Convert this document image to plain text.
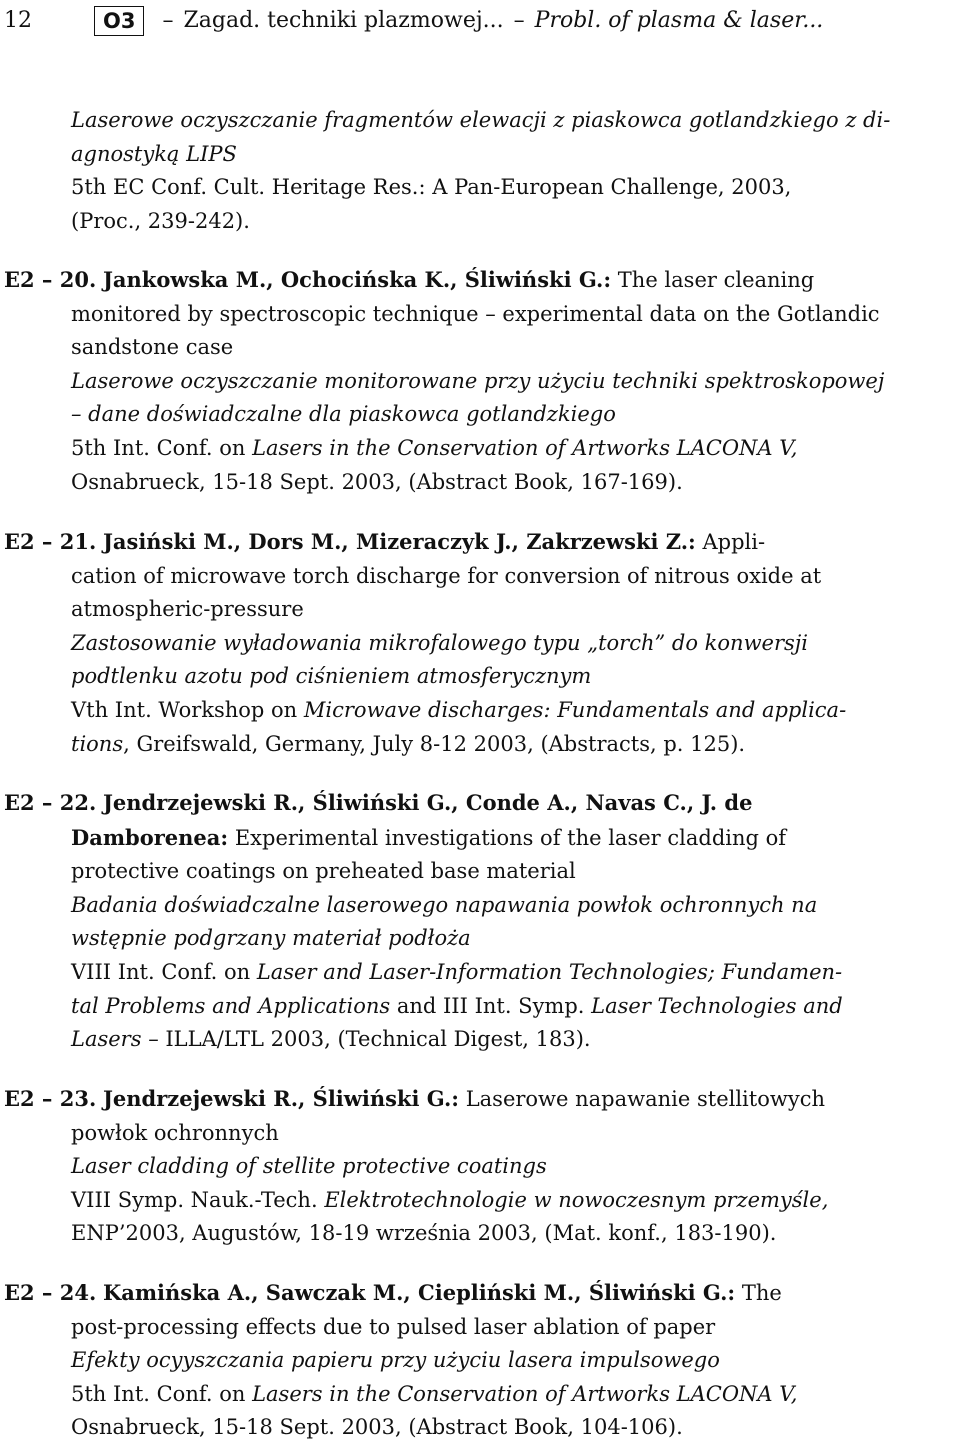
12	O3	– Zagad. techniki plazmowej... – Probl. of plasma & laser...
Laserowe oczyszczanie fragmentów elewacji z piaskowca gotlandzkiego z di-
agnostyką LIPS
5th EC Conf. Cult. Heritage Res.: A Pan-European Challenge, 2003,
(Proc., 239-242).
E2 – 20. Jankowska M., Ochocińska K., Śliwiński G.: The laser cleaning
monitored by spectroscopic technique – experimental data on the Gotlandic
sandstone case
Laserowe oczyszczanie monitorowane przy użyciu techniki spektroskopowej
– dane doświadczalne dla piaskowca gotlandzkiego
5th Int. Conf. on Lasers in the Conservation of Artworks LACONA V,
Osnabrueck, 15-18 Sept. 2003, (Abstract Book, 167-169).
E2 – 21. Jasiński M., Dors M., Mizeraczyk J., Zakrzewski Z.: Appli-
cation of microwave torch discharge for conversion of nitrous oxide at
atmospheric-pressure
Zastosowanie wyładowania mikrofalowego typu „torch” do konwersji
podtlenku azotu pod ciśnieniem atmosferycznym
Vth Int. Workshop on Microwave discharges: Fundamentals and applica-
tions, Greifswald, Germany, July 8-12 2003, (Abstracts, p. 125).
E2 – 22. Jendrzejewski R., Śliwiński G., Conde A., Navas C., J. de
Damborenea: Experimental investigations of the laser cladding of
protective coatings on preheated base material
Badania doświadczalne laserowego napawania powłok ochronnych na
wstępnie podgrzany materiał podłoża
VIII Int. Conf. on Laser and Laser-Information Technologies; Fundamen-
tal Problems and Applications and III Int. Symp. Laser Technologies and
Lasers – ILLA/LTL 2003, (Technical Digest, 183).
E2 – 23. Jendrzejewski R., Śliwiński G.: Laserowe napawanie stellitowych
powłok ochronnych
Laser cladding of stellite protective coatings
VIII Symp. Nauk.-Tech. Elektrotechnologie w nowoczesnym przemyśle,
ENP’2003, Augustów, 18-19 września 2003, (Mat. konf., 183-190).
E2 – 24. Kamińska A., Sawczak M., Ciepliński M., Śliwiński G.: The
post-processing effects due to pulsed laser ablation of paper
Efekty ocyyszczania papieru przy użyciu lasera impulsowego
5th Int. Conf. on Lasers in the Conservation of Artworks LACONA V,
Osnabrueck, 15-18 Sept. 2003, (Abstract Book, 104-106).
